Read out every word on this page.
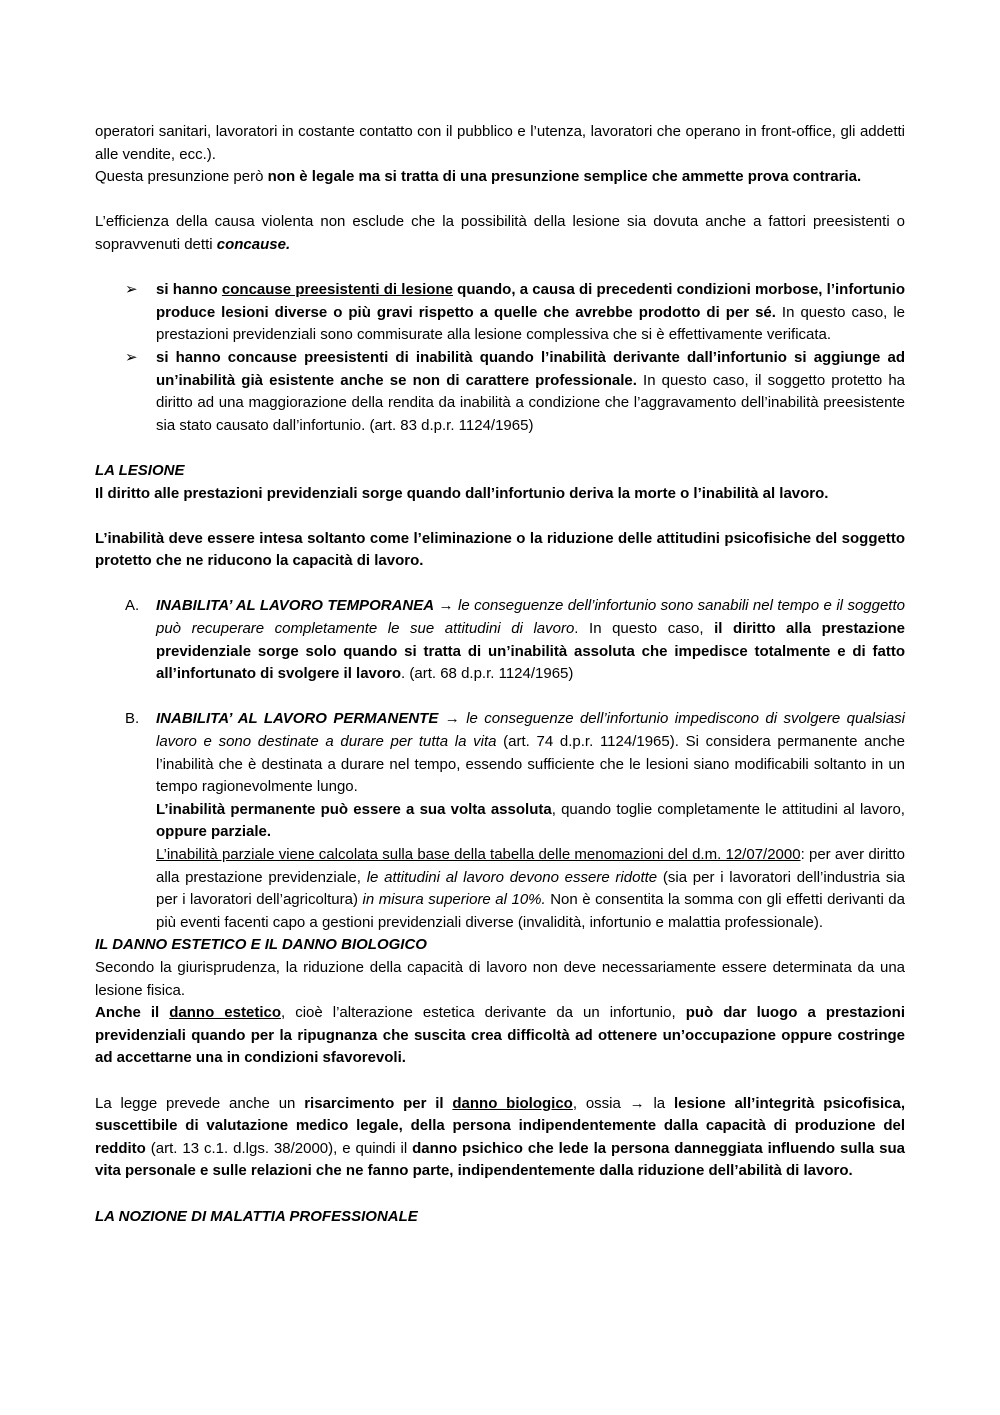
operatori sanitari, lavoratori in costante contatto con il pubblico e l’utenza, lavoratori che operano in front-office, gli addetti alle vendite, ecc.).

Questa presunzione però non è legale ma si tratta di una presunzione semplice che ammette prova contraria.

L’efficienza della causa violenta non esclude che la possibilità della lesione sia dovuta anche a fattori preesistenti o sopravvenuti detti concause.

➢ si hanno concause preesistenti di lesione quando, a causa di precedenti condizioni morbose, l’infortunio produce lesioni diverse o più gravi rispetto a quelle che avrebbe prodotto di per sé. In questo caso, le prestazioni previdenziali sono commisurate alla lesione complessiva che si è effettivamente verificata.
➢ si hanno concause preesistenti di inabilità quando l’inabilità derivante dall’infortunio si aggiunge ad un’inabilità già esistente anche se non di carattere professionale. In questo caso, il soggetto protetto ha diritto ad una maggiorazione della rendita da inabilità a condizione che l’aggravamento dell’inabilità preesistente sia stato causato dall’infortunio. (art. 83 d.p.r. 1124/1965)

LA LESIONE

Il diritto alle prestazioni previdenziali sorge quando dall’infortunio deriva la morte o l’inabilità al lavoro.

L’inabilità deve essere intesa soltanto come l’eliminazione o la riduzione delle attitudini psicofisiche del soggetto protetto che ne riducono la capacità di lavoro.

A. INABILITA’ AL LAVORO TEMPORANEA → le conseguenze dell’infortunio sono sanabili nel tempo e il soggetto può recuperare completamente le sue attitudini di lavoro. In questo caso, il diritto alla prestazione previdenziale sorge solo quando si tratta di un’inabilità assoluta che impedisce totalmente e di fatto all’infortunato di svolgere il lavoro. (art. 68 d.p.r. 1124/1965)
B. INABILITA’ AL LAVORO PERMANENTE → le conseguenze dell’infortunio impediscono di svolgere qualsiasi lavoro e sono destinate a durare per tutta la vita (art. 74 d.p.r. 1124/1965). Si considera permanente anche l’inabilità che è destinata a durare nel tempo, essendo sufficiente che le lesioni siano modificabili soltanto in un tempo ragionevolmente lungo.

L’inabilità permanente può essere a sua volta assoluta, quando toglie completamente le attitudini al lavoro, oppure parziale.

L’inabilità parziale viene calcolata sulla base della tabella delle menomazioni del d.m. 12/07/2000: per aver diritto alla prestazione previdenziale, le attitudini al lavoro devono essere ridotte (sia per i lavoratori dell’industria sia per i lavoratori dell’agricoltura) in misura superiore al 10%. Non è consentita la somma con gli effetti derivanti da più eventi facenti capo a gestioni previdenziali diverse (invalidità, infortunio e malattia professionale).

IL DANNO ESTETICO E IL DANNO BIOLOGICO

Secondo la giurisprudenza, la riduzione della capacità di lavoro non deve necessariamente essere determinata da una lesione fisica.

Anche il danno estetico, cioè l’alterazione estetica derivante da un infortunio, può dar luogo a prestazioni previdenziali quando per la ripugnanza che suscita crea difficoltà ad ottenere un’occupazione oppure costringe ad accettarne una in condizioni sfavorevoli.

La legge prevede anche un risarcimento per il danno biologico, ossia → la lesione all’integrità psicofisica, suscettibile di valutazione medico legale, della persona indipendentemente dalla capacità di produzione del reddito (art. 13 c.1. d.lgs. 38/2000), e quindi il danno psichico che lede la persona danneggiata influendo sulla sua vita personale e sulle relazioni che ne fanno parte, indipendentemente dalla riduzione dell’abilità di lavoro.

LA NOZIONE DI MALATTIA PROFESSIONALE
